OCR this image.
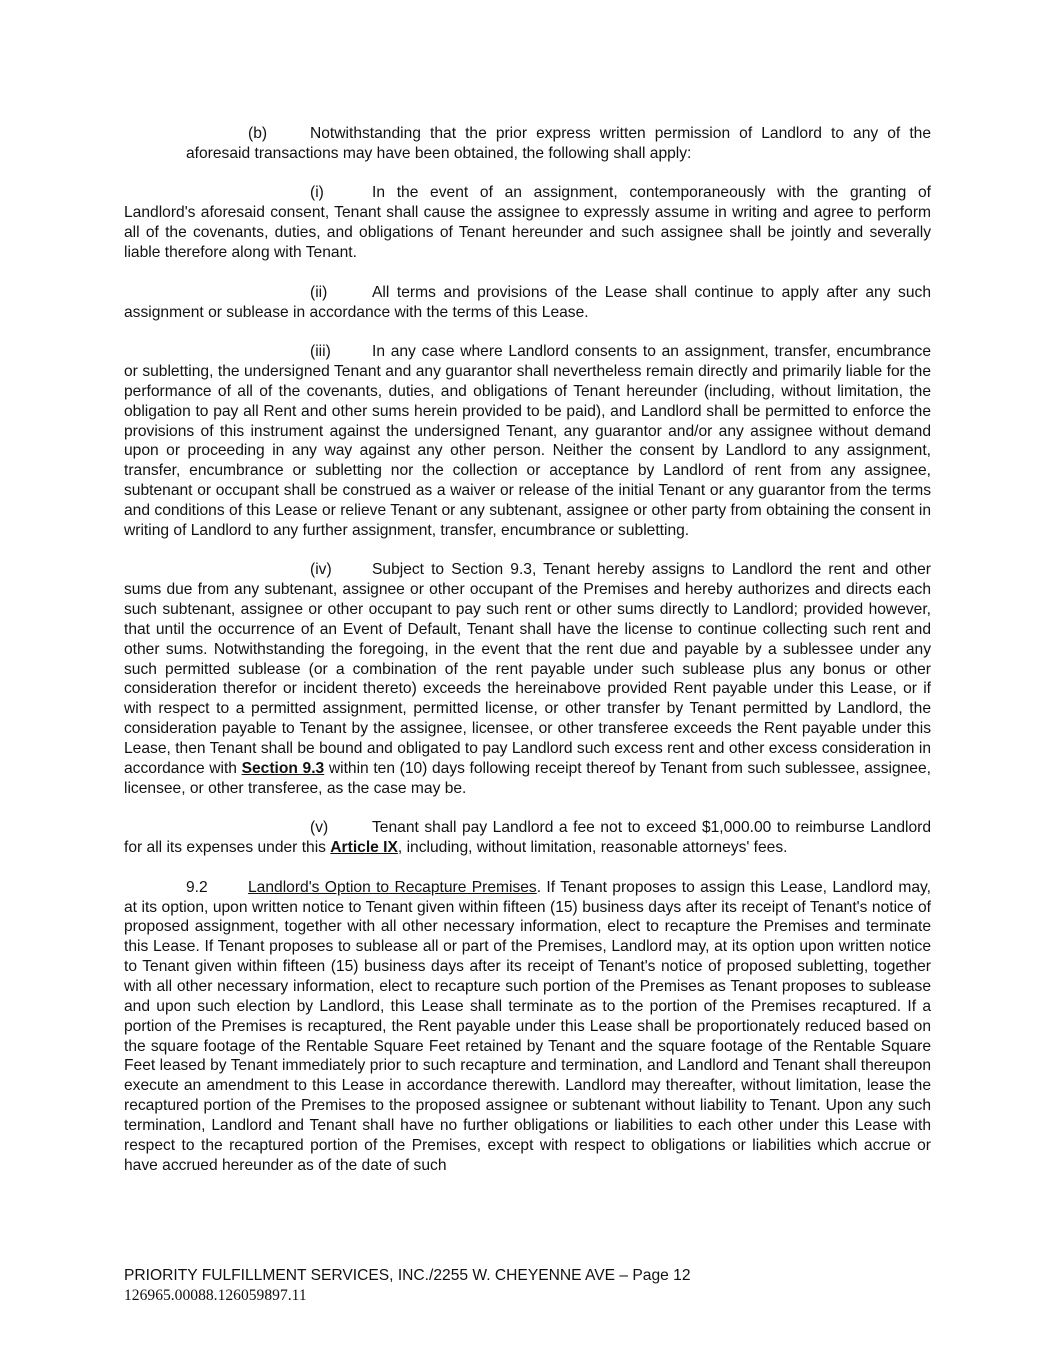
(b)	Notwithstanding that the prior express written permission of Landlord to any of the aforesaid transactions may have been obtained, the following shall apply:

(i)	In the event of an assignment, contemporaneously with the granting of Landlord's aforesaid consent, Tenant shall cause the assignee to expressly assume in writing and agree to perform all of the covenants, duties, and obligations of Tenant hereunder and such assignee shall be jointly and severally liable therefore along with Tenant.

(ii)	All terms and provisions of the Lease shall continue to apply after any such assignment or sublease in accordance with the terms of this Lease.

(iii)	In any case where Landlord consents to an assignment, transfer, encumbrance or subletting, the undersigned Tenant and any guarantor shall nevertheless remain directly and primarily liable for the performance of all of the covenants, duties, and obligations of Tenant hereunder (including, without limitation, the obligation to pay all Rent and other sums herein provided to be paid), and Landlord shall be permitted to enforce the provisions of this instrument against the undersigned Tenant, any guarantor and/or any assignee without demand upon or proceeding in any way against any other person. Neither the consent by Landlord to any assignment, transfer, encumbrance or subletting nor the collection or acceptance by Landlord of rent from any assignee, subtenant or occupant shall be construed as a waiver or release of the initial Tenant or any guarantor from the terms and conditions of this Lease or relieve Tenant or any subtenant, assignee or other party from obtaining the consent in writing of Landlord to any further assignment, transfer, encumbrance or subletting.

(iv)	Subject to Section 9.3, Tenant hereby assigns to Landlord the rent and other sums due from any subtenant, assignee or other occupant of the Premises and hereby authorizes and directs each such subtenant, assignee or other occupant to pay such rent or other sums directly to Landlord; provided however, that until the occurrence of an Event of Default, Tenant shall have the license to continue collecting such rent and other sums. Notwithstanding the foregoing, in the event that the rent due and payable by a sublessee under any such permitted sublease (or a combination of the rent payable under such sublease plus any bonus or other consideration therefor or incident thereto) exceeds the hereinabove provided Rent payable under this Lease, or if with respect to a permitted assignment, permitted license, or other transfer by Tenant permitted by Landlord, the consideration payable to Tenant by the assignee, licensee, or other transferee exceeds the Rent payable under this Lease, then Tenant shall be bound and obligated to pay Landlord such excess rent and other excess consideration in accordance with Section 9.3 within ten (10) days following receipt thereof by Tenant from such sublessee, assignee, licensee, or other transferee, as the case may be.

(v)	Tenant shall pay Landlord a fee not to exceed $1,000.00 to reimburse Landlord for all its expenses under this Article IX, including, without limitation, reasonable attorneys' fees.

9.2	Landlord's Option to Recapture Premises. If Tenant proposes to assign this Lease, Landlord may, at its option, upon written notice to Tenant given within fifteen (15) business days after its receipt of Tenant's notice of proposed assignment, together with all other necessary information, elect to recapture the Premises and terminate this Lease. If Tenant proposes to sublease all or part of the Premises, Landlord may, at its option upon written notice to Tenant given within fifteen (15) business days after its receipt of Tenant's notice of proposed subletting, together with all other necessary information, elect to recapture such portion of the Premises as Tenant proposes to sublease and upon such election by Landlord, this Lease shall terminate as to the portion of the Premises recaptured. If a portion of the Premises is recaptured, the Rent payable under this Lease shall be proportionately reduced based on the square footage of the Rentable Square Feet retained by Tenant and the square footage of the Rentable Square Feet leased by Tenant immediately prior to such recapture and termination, and Landlord and Tenant shall thereupon execute an amendment to this Lease in accordance therewith. Landlord may thereafter, without limitation, lease the recaptured portion of the Premises to the proposed assignee or subtenant without liability to Tenant. Upon any such termination, Landlord and Tenant shall have no further obligations or liabilities to each other under this Lease with respect to the recaptured portion of the Premises, except with respect to obligations or liabilities which accrue or have accrued hereunder as of the date of such

PRIORITY FULFILLMENT SERVICES, INC./2255 W. CHEYENNE AVE – Page 12
126965.00088.126059897.11
